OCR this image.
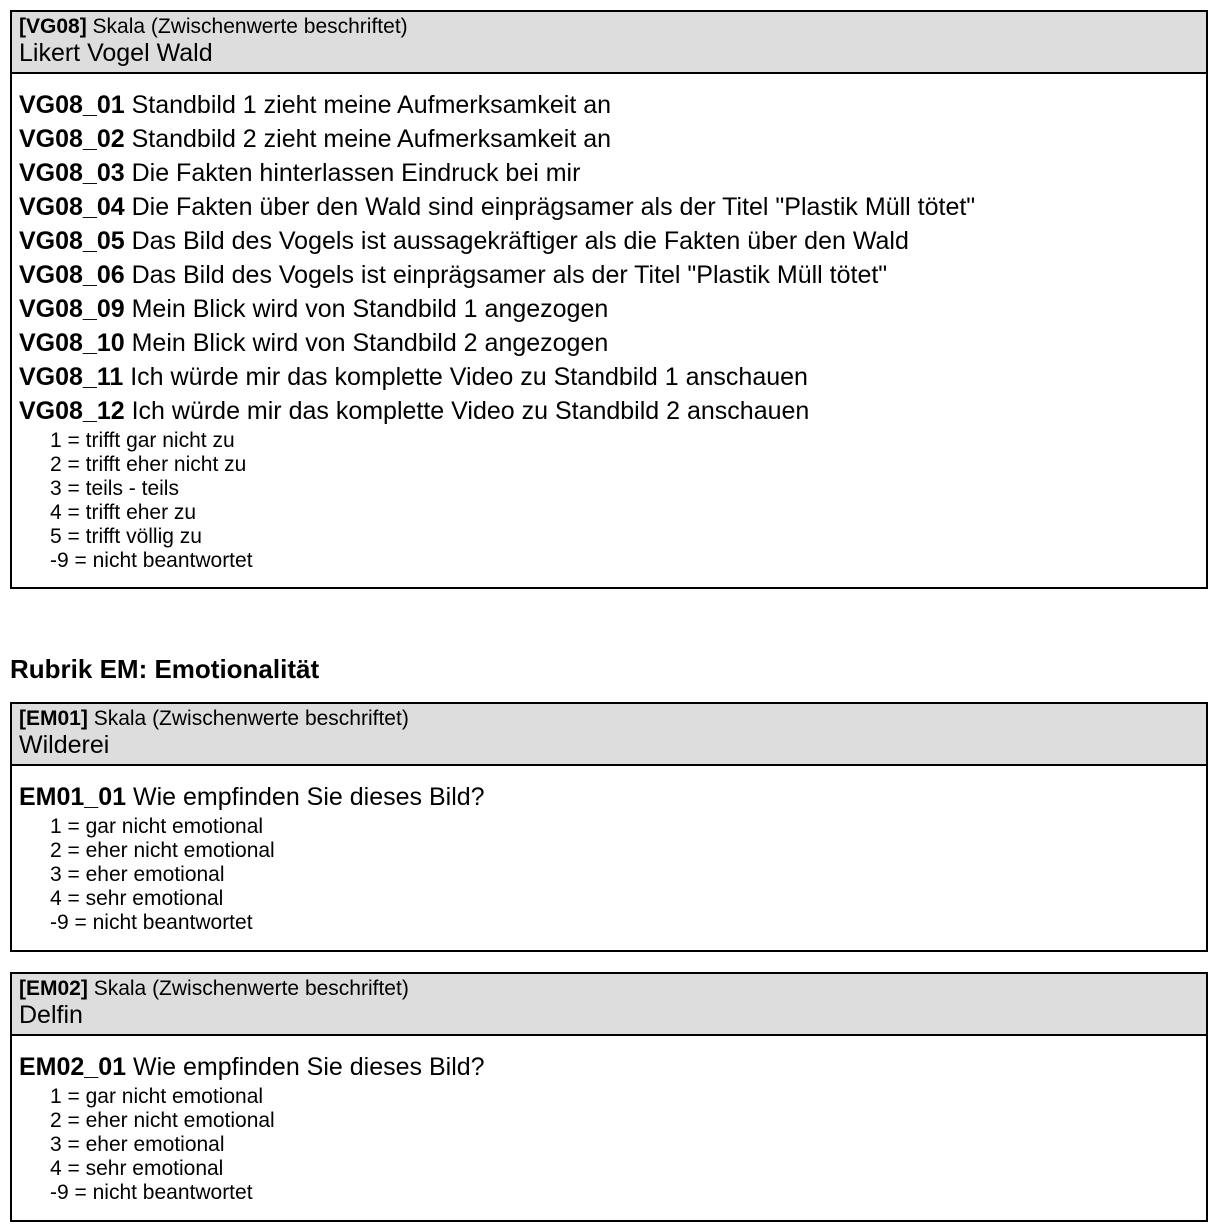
[VG08] Skala (Zwischenwerte beschriftet)
Likert Vogel Wald
VG08_01 Standbild 1 zieht meine Aufmerksamkeit an
VG08_02 Standbild 2 zieht meine Aufmerksamkeit an
VG08_03 Die Fakten hinterlassen Eindruck bei mir
VG08_04 Die Fakten über den Wald sind einprägsamer als der Titel "Plastik Müll tötet"
VG08_05 Das Bild des Vogels ist aussagekräftiger als die Fakten über den Wald
VG08_06 Das Bild des Vogels ist einprägsamer als der Titel "Plastik Müll tötet"
VG08_09 Mein Blick wird von Standbild 1 angezogen
VG08_10 Mein Blick wird von Standbild 2 angezogen
VG08_11 Ich würde mir das komplette Video zu Standbild 1 anschauen
VG08_12 Ich würde mir das komplette Video zu Standbild 2 anschauen
1 = trifft gar nicht zu
2 = trifft eher nicht zu
3 = teils - teils
4 = trifft eher zu
5 = trifft völlig zu
-9 = nicht beantwortet
Rubrik EM: Emotionalität
[EM01] Skala (Zwischenwerte beschriftet)
Wilderei
EM01_01 Wie empfinden Sie dieses Bild?
1 = gar nicht emotional
2 = eher nicht emotional
3 = eher emotional
4 = sehr emotional
-9 = nicht beantwortet
[EM02] Skala (Zwischenwerte beschriftet)
Delfin
EM02_01 Wie empfinden Sie dieses Bild?
1 = gar nicht emotional
2 = eher nicht emotional
3 = eher emotional
4 = sehr emotional
-9 = nicht beantwortet
